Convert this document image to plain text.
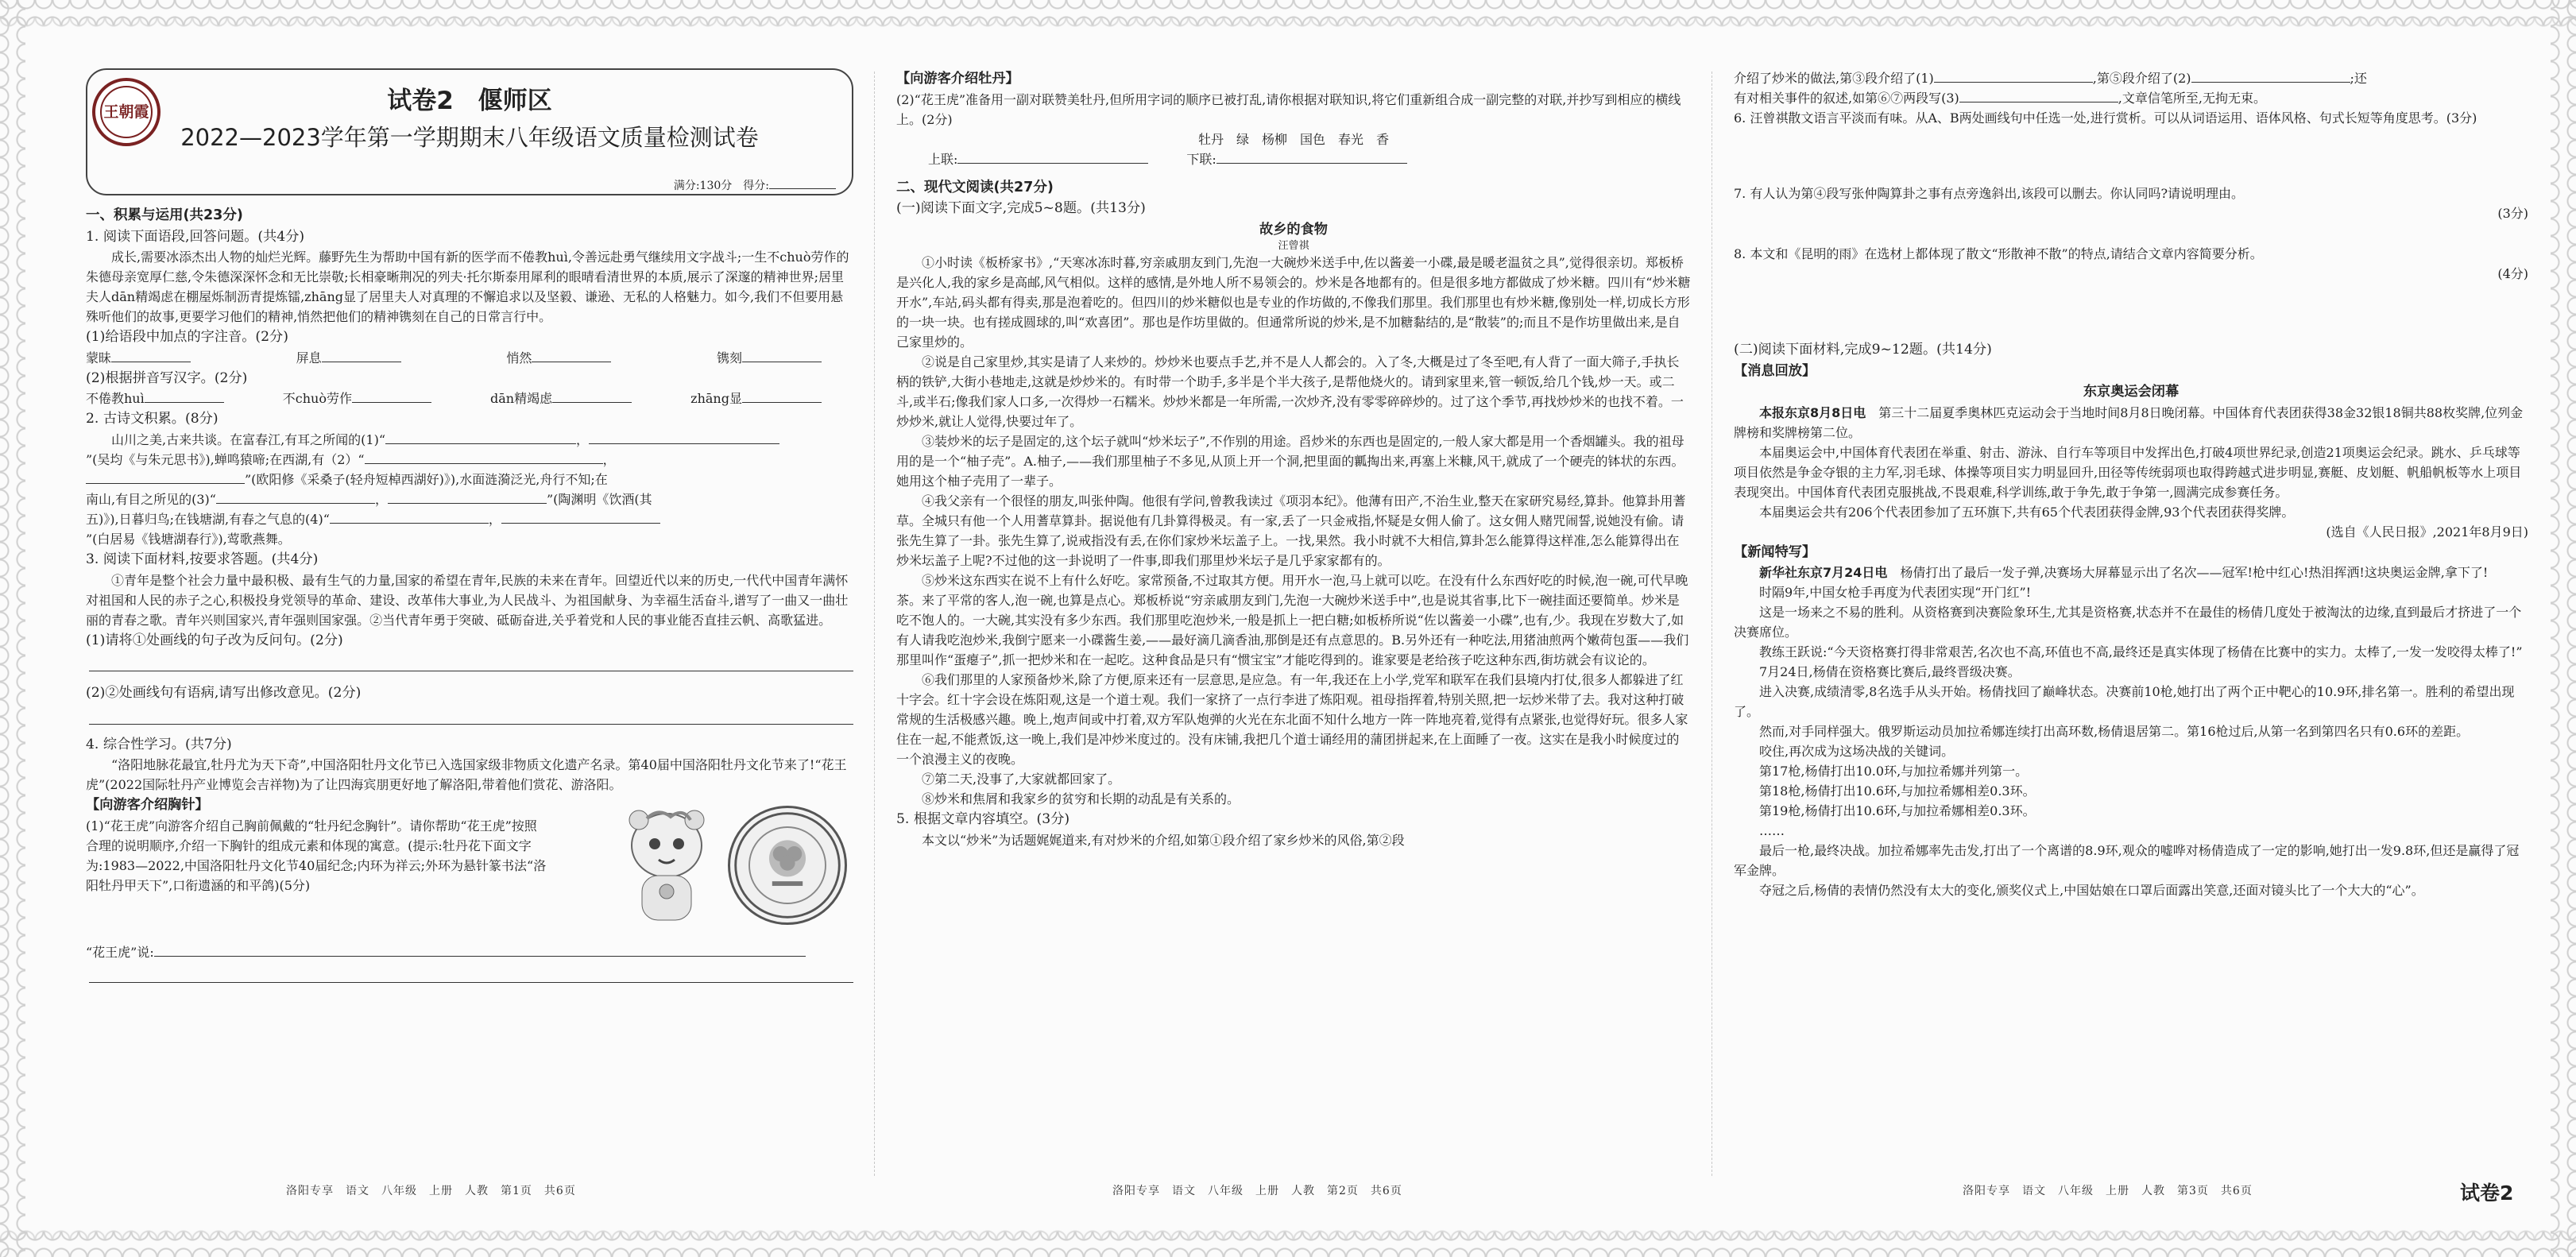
王朝霞	试卷2　偃师区
2022—2023学年第一学期期末八年级语文质量检测试卷
满分:130分　得分:
一、积累与运用(共23分)
1. 阅读下面语段,回答问题。(共4分)
成长,需要冰添杰出人物的灿烂光辉。藤野先生为帮助中国有新的医学而不倦教huì,令善远赴勇气继续用文字战斗;一生不chuò劳作的朱德母亲宽厚仁慈,令朱德深深怀念和无比崇敬;长相豪晰荆况的列夫·托尔斯泰用犀利的眼晴看清世界的本质,展示了深邃的精神世界;居里夫人dān精竭虑在棚屋烁制沥青提炼镭,zhāng显了居里夫人对真理的不懈追求以及坚毅、谦逊、无私的人格魅力。如今,我们不但要用悬殊听他们的故事,更要学习他们的精神,悄然把他们的精神镌刻在自己的日常言行中。
(1)给语段中加点的字注音。(2分)
蒙昧	屏息	悄然	镌刻
(2)根据拼音写汉字。(2分)
不倦教huì	不chuò劳作	dān精竭虑	zhāng显
2. 古诗文积累。(8分)
山川之美,古来共谈。在富春江,有耳之所闻的(1)“	，
”(吴均《与朱元思书》),蝉鸣猿啼;在西湖,有（2）“	，
”(欧阳修《采桑子(轻舟短棹西湖好)》),水面涟漪泛光,舟行不知;在
南山,有目之所见的(3)“	，	”(陶渊明《饮酒(其
五)》),日暮归鸟;在钱塘湖,有春之气息的(4)“	，
”(白居易《钱塘湖春行》),莺歌燕舞。
3. 阅读下面材料,按要求答题。(共4分)
①青年是整个社会力量中最积极、最有生气的力量,国家的希望在青年,民族的未来在青年。回望近代以来的历史,一代代中国青年满怀对祖国和人民的赤子之心,积极投身党领导的革命、建设、改革伟大事业,为人民战斗、为祖国献身、为幸福生活奋斗,谱写了一曲又一曲壮丽的青春之歌。青年兴则国家兴,青年强则国家强。②当代青年勇于突破、砥砺奋进,关乎着党和人民的事业能否直挂云帆、高歌猛进。
(1)请将①处画线的句子改为反问句。(2分)
(2)②处画线句有语病,请写出修改意见。(2分)
4. 综合性学习。(共7分)
“洛阳地脉花最宜,牡丹尤为天下奇”,中国洛阳牡丹文化节已入选国家级非物质文化遗产名录。第40届中国洛阳牡丹文化节来了!“花王虎”(2022国际牡丹产业博览会吉祥物)为了让四海宾朋更好地了解洛阳,带着他们赏花、游洛阳。
【向游客介绍胸针】
(1)“花王虎”向游客介绍自己胸前佩戴的“牡丹纪念胸针”。请你帮助“花王虎”按照合理的说明顺序,介绍一下胸针的组成元素和体现的寓意。(提示:牡丹花下面文字为:1983—2022,中国洛阳牡丹文化节40届纪念;内环为祥云;外环为悬针篆书法“洛阳牡丹甲天下”,口衔遗涵的和平鸽)(5分)
“花王虎”说:
洛阳专享　语文　八年级　上册　人教　第1页　共6页
【向游客介绍牡丹】
(2)“花王虎”准备用一副对联赞美牡丹,但所用字词的顺序已被打乱,请你根据对联知识,将它们重新组合成一副完整的对联,并抄写到相应的横线上。(2分)
牡丹　绿　杨柳　国色　春光　香
上联:　　　	下联:
二、现代文阅读(共27分)
(一)阅读下面文字,完成5~8题。(共13分)
故乡的食物
汪曾祺
①小时读《板桥家书》,“天寒冰冻时暮,穷亲戚朋友到门,先泡一大碗炒米送手中,佐以酱姜一小碟,最是暖老温贫之具”,觉得很亲切。郑板桥是兴化人,我的家乡是高邮,风气相似。这样的感情,是外地人所不易领会的。炒米是各地都有的。但是很多地方都做成了炒米糖。四川有“炒米糖开水”,车站,码头都有得卖,那是泡着吃的。但四川的炒米糖似也是专业的作坊做的,不像我们那里。我们那里也有炒米糖,像别处一样,切成长方形的一块一块。也有搓成圆球的,叫“欢喜团”。那也是作坊里做的。但通常所说的炒米,是不加糖黏结的,是“散装”的;而且不是作坊里做出来,是自己家里炒的。
②说是自己家里炒,其实是请了人来炒的。炒炒米也要点手艺,并不是人人都会的。入了冬,大概是过了冬至吧,有人背了一面大筛子,手执长柄的铁铲,大街小巷地走,这就是炒炒米的。有时带一个助手,多半是个半大孩子,是帮他烧火的。请到家里来,管一顿饭,给几个钱,炒一天。或二斗,或半石;像我们家人口多,一次得炒一石糯米。炒炒米都是一年所需,一次炒齐,没有零零碎碎炒的。过了这个季节,再找炒炒米的也找不着。一炒炒米,就让人觉得,快要过年了。
③装炒米的坛子是固定的,这个坛子就叫“炒米坛子”,不作别的用途。舀炒米的东西也是固定的,一般人家大都是用一个香烟罐头。我的祖母用的是一个“柚子壳”。A.柚子,——我们那里柚子不多见,从顶上开一个洞,把里面的瓤掏出来,再塞上米糠,风干,就成了一个硬壳的钵状的东西。她用这个柚子壳用了一辈子。
④我父亲有一个很怪的朋友,叫张仲陶。他很有学问,曾教我读过《项羽本纪》。他薄有田产,不治生业,整天在家研究易经,算卦。他算卦用蓍草。全城只有他一个人用蓍草算卦。据说他有几卦算得极灵。有一家,丢了一只金戒指,怀疑是女佣人偷了。这女佣人赌咒闹誓,说她没有偷。请张先生算了一卦。张先生算了,说戒指没有丢,在你们家炒米坛盖子上。一找,果然。我小时就不大相信,算卦怎么能算得这样准,怎么能算得出在炒米坛盖子上呢?不过他的这一卦说明了一件事,即我们那里炒米坛子是几乎家家都有的。
⑤炒米这东西实在说不上有什么好吃。家常预备,不过取其方便。用开水一泡,马上就可以吃。在没有什么东西好吃的时候,泡一碗,可代早晚茶。来了平常的客人,泡一碗,也算是点心。郑板桥说“穷亲戚朋友到门,先泡一大碗炒米送手中”,也是说其省事,比下一碗挂面还要简单。炒米是吃不饱人的。一大碗,其实没有多少东西。我们那里吃泡炒米,一般是抓上一把白糖;如板桥所说“佐以酱姜一小碟”,也有,少。我现在岁数大了,如有人请我吃泡炒米,我倒宁愿来一小碟酱生姜,——最好滴几滴香油,那倒是还有点意思的。B.另外还有一种吃法,用猪油煎两个嫩荷包蛋——我们那里叫作“蛋瘪子”,抓一把炒米和在一起吃。这种食品是只有“惯宝宝”才能吃得到的。谁家要是老给孩子吃这种东西,街坊就会有议论的。
⑥我们那里的人家预备炒米,除了方便,原来还有一层意思,是应急。有一年,我还在上小学,党军和联军在我们县境内打仗,很多人都躲进了红十字会。红十字会设在炼阳观,这是一个道士观。我们一家挤了一点行李进了炼阳观。祖母指挥着,特别关照,把一坛炒米带了去。我对这种打破常规的生活极感兴趣。晚上,炮声间或中打着,双方军队炮弹的火光在东北面不知什么地方一阵一阵地亮着,觉得有点紧张,也觉得好玩。很多人家住在一起,不能煮饭,这一晚上,我们是冲炒米度过的。没有床铺,我把几个道士诵经用的蒲团拼起来,在上面睡了一夜。这实在是我小时候度过的一个浪漫主义的夜晚。
⑦第二天,没事了,大家就都回家了。
⑧炒米和焦屑和我家乡的贫穷和长期的动乱是有关系的。
5. 根据文章内容填空。(3分)
本文以“炒米”为话题娓娓道来,有对炒米的介绍,如第①段介绍了家乡炒米的风俗,第②段
洛阳专享　语文　八年级　上册　人教　第2页　共6页
介绍了炒米的做法,第③段介绍了(1)	,第⑤段介绍了(2)	;还
有对相关事件的叙述,如第⑥⑦两段写(3)	,文章信笔所至,无拘无束。
6. 汪曾祺散文语言平淡而有味。从A、B两处画线句中任选一处,进行赏析。可以从词语运用、语体风格、句式长短等角度思考。(3分)
7. 有人认为第④段写张仲陶算卦之事有点旁逸斜出,该段可以删去。你认同吗?请说明理由。
(3分)
8. 本文和《昆明的雨》在选材上都体现了散文“形散神不散”的特点,请结合文章内容简要分析。
(4分)
(二)阅读下面材料,完成9~12题。(共14分)
【消息回放】
东京奥运会闭幕
本报东京8月8日电　 第三十二届夏季奥林匹克运动会于当地时间8月8日晚闭幕。中国体育代表团获得38金32银18铜共88枚奖牌,位列金牌榜和奖牌榜第二位。
本届奥运会中,中国体育代表团在举重、射击、游泳、自行车等项目中发挥出色,打破4项世界纪录,创造21项奥运会纪录。跳水、乒乓球等项目依然是争金夺银的主力军,羽毛球、体操等项目实力明显回升,田径等传统弱项也取得跨越式进步明显,赛艇、皮划艇、帆船帆板等水上项目表现突出。中国体育代表团克服挑战,不畏艰难,科学训练,敢于争先,敢于争第一,圆满完成参赛任务。
本届奥运会共有206个代表团参加了五环旗下,共有65个代表团获得金牌,93个代表团获得奖牌。
(选自《人民日报》,2021年8月9日)
【新闻特写】
新华社东京7月24日电　 杨倩打出了最后一发子弹,决赛场大屏幕显示出了名次——冠军!枪中红心!热泪挥洒!这块奥运金牌,拿下了!
时隔9年,中国女枪手再度为代表团实现“开门红”!
这是一场来之不易的胜利。从资格赛到决赛险象环生,尤其是资格赛,状态并不在最佳的杨倩几度处于被淘汰的边缘,直到最后才挤进了一个决赛席位。
教练王跃说:“今天资格赛打得非常艰苦,名次也不高,环值也不高,最终还是真实体现了杨倩在比赛中的实力。太棒了,一发一发咬得太棒了!”
7月24日,杨倩在资格赛比赛后,最终晋级决赛。
进入决赛,成绩清零,8名选手从头开始。杨倩找回了巅峰状态。决赛前10枪,她打出了两个正中靶心的10.9环,排名第一。胜利的希望出现了。
然而,对手同样强大。俄罗斯运动员加拉希娜连续打出高环数,杨倩退居第二。第16枪过后,从第一名到第四名只有0.6环的差距。
咬住,再次成为这场决战的关键词。
第17枪,杨倩打出10.0环,与加拉希娜并列第一。
第18枪,杨倩打出10.6环,与加拉希娜相差0.3环。
第19枪,杨倩打出10.6环,与加拉希娜相差0.3环。
……
最后一枪,最终决战。加拉希娜率先击发,打出了一个离谱的8.9环,观众的嘘哗对杨倩造成了一定的影响,她打出一发9.8环,但还是赢得了冠军金牌。
夺冠之后,杨倩的表情仍然没有太大的变化,颁奖仪式上,中国姑娘在口罩后面露出笑意,还面对镜头比了一个大大的“心”。
洛阳专享　语文　八年级　上册　人教　第3页　共6页	试卷2
